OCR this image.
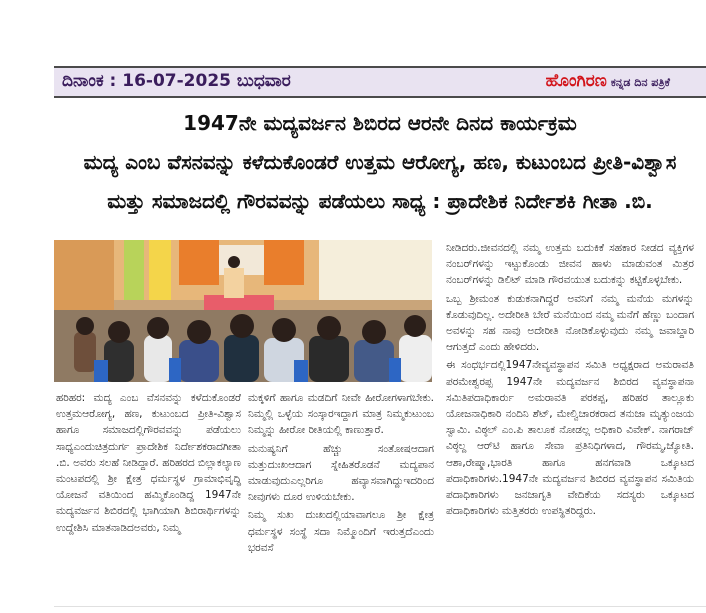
ದಿನಾಂಕ : 16-07-2025 ಬುಧವಾರ	ಹೊಂಗಿರಣ ಕನ್ನಡ ದಿನ ಪತ್ರಿಕೆ
1947ನೇ ಮದ್ಯವರ್ಜನ ಶಿಬಿರದ ಆರನೇ ದಿನದ ಕಾರ್ಯಕ್ರಮ
ಮದ್ಯ ಎಂಬ ವೆಸನವನ್ನು ಕಳೆದುಕೊಂಡರೆ ಉತ್ತಮ ಆರೋಗ್ಯ, ಹಣ, ಕುಟುಂಬದ ಪ್ರೀತಿ-ವಿಶ್ವಾಸ
ಮತ್ತು ಸಮಾಜದಲ್ಲಿ ಗೌರವವನ್ನು ಪಡೆಯಲು ಸಾಧ್ಯ : ಪ್ರಾದೇಶಿಕ ನಿರ್ದೇಶಕಿ ಗೀತಾ .ಬಿ.

ನೀಡಿದರು.ಜೀವನದಲ್ಲಿ ನಮ್ಮ ಉತ್ತಮ ಬದುಕಿಕೆ ಸಹಕಾರ ನೀಡದ ವ್ಯಕ್ತಿಗಳ ನಂಬರ್‌ಗಳನ್ನು ಇಟ್ಟುಕೊಂಡು ಜೀವನ ಹಾಳು ಮಾಡುವಂತ ಮಿತ್ರರ ನಂಬರ್‌ಗಳನ್ನು ಡಿಲಿಟ್ ಮಾಡಿ ಗೌರವಯುತ ಬದುಕನ್ನು ಕಟ್ಟಿಕೊಳ್ಳಬೇಕು.

ಒಬ್ಬ ಶ್ರೀಮಂತ ಕುಡುಕನಾಗಿದ್ದರೆ ಅವನಿಗೆ ನಮ್ಮ ಮನೆಯ ಮಗಳನ್ನು ಕೊಡುವುದಿಲ್ಲ. ಅದೇರೀತಿ ಬೇರೆ ಮನೆಯಿಂದ ನಮ್ಮ ಮನೆಗೆ ಹೆಣ್ಣು ಬಂದಾಗ ಅವಳನ್ನು ಸಹ ನಾವು ಅದೇರೀತಿ ನೋಡಿಕೊಳ್ಳುವುದು ನಮ್ಮ ಜವಾಬ್ದಾರಿ ಆಗುತ್ತದೆ ಎಂದು ಹೇಳಿದರು.

ಈ ಸಂಧರ್ಭದಲ್ಲಿ1947ನೇವ್ಯವಸ್ಥಾಪನ ಸಮಿತಿ ಅಧ್ಯಕ್ಷರಾದ ಅಮರಾವತಿ ಪರಮೇಶ್ವರಪ್ಪ 1947ನೇ ಮದ್ಯವರ್ಜನ ಶಿಬಿರದ ವ್ಯವಸ್ಥಾಪನಾ ಸಮಿತಿಪದಾಧಿಕಾರ್ರು ಅಮರಾವತಿ ಪರಕಪ್ಪ, ಹರಿಹರ ತಾಲ್ಲೂಕು ಯೋಜನಾಧಿಕಾರಿ ನಂದಿನಿ ಶೆಟ್, ಮೇಲ್ವಿಚಾರಕರಾದ ತನುಜಾ ಮೃತ್ಯುಂಜಯ ಸ್ವಾಮಿ. ವಿಠ್ಠಲ್ ಎಂ.ಪಿ ತಾಲೂಕ ನೋಡಲ್ಲ ಅಧಿಕಾರಿ ವಿವೇಕ್. ನಾಗರಾಜ್ ವಿಠ್ಠಲ್ದ ಆರ್‌ಟಿ ಹಾಗೂ ಸೇವಾ ಪ್ರತಿನಿಧಿಗಳಾದ, ಗೌರಮ್ಮ,ಜ್ಯೋತಿ. ಆಶಾ,ರೇಷ್ಮಾ,ಭಾರತಿ ಹಾಗೂ ಹನಗವಾಡಿ ಒಕ್ಕೂಟದ ಪದಾಧಿಕಾರಿಗಳು.1947ನೇ ಮದ್ಯವರ್ಜನ ಶಿಬಿರದ ವ್ಯವಸ್ಥಾಪನ ಸಮಿತಿಯ ಪದಾಧಿಕಾರಿಗಳು ಜನಜಾಗೃತಿ ವೇದಿಕೆಯ ಸದಸ್ಯರು ಒಕ್ಕೂಟದ ಪದಾಧಿಕಾರಿಗಳು ಮತ್ತಿತರರು ಉಪಸ್ಥಿತರಿದ್ದರು.

ಹರಿಹರ: ಮದ್ಯ ಎಂಬ ವೆಸನವನ್ನು ಕಳೆದುಕೊಂಡರೆ ಉತ್ತಮಆರೋಗ್ಯ, ಹಣ, ಕುಟುಂಬದ ಪ್ರೀತಿ-ವಿಶ್ವಾಸ ಹಾಗೂ ಸಮಾಜದಲ್ಲಿಗೌರವವನ್ನು ಪಡೆಯಲು ಸಾಧ್ಯಎಂದುಚಿತ್ರದುರ್ಗ ಪ್ರಾದೇಶಿಕ ನಿರ್ದೇಶಕರಾದಗೀತಾ .ಬಿ. ಅವರು ಸಲಹೆ ನೀಡಿದ್ದಾರೆ. ಹರಿಹರದ ಬಿಲ್ಲಾಕಲ್ಯಾಣ ಮಂಟಪದಲ್ಲಿ ಶ್ರೀ ಕ್ಷೇತ್ರ ಧರ್ಮಸ್ಥಳ ಗ್ರಾಮಾಭಿವೃದ್ಧಿ ಯೋಜನೆ ವತಿಯಿಂದ ಹಮ್ಮಿಕೊಂಡಿದ್ದ 1947ನೇ ಮದ್ಯವರ್ಜನ ಶಿಬಿರದಲ್ಲಿ ಭಾಗಿಯಾಗಿ ಶಿಬಿರಾರ್ಥಿಗಳನ್ನು ಉದ್ದೇಶಿಸಿ ಮಾತನಾಡಿದಅವರು, ನಿಮ್ಮ

ಮಕ್ಕಳಿಗೆ ಹಾಗೂ ಮಡದಿಗೆ ನೀವೇ ಹೀರೋಗಳಾಗಬೇಕು. ನಿಮ್ಮಲ್ಲಿ ಒಳ್ಳೆಯ ಸಂಸ್ಕಾರಇದ್ದಾಗ ಮಾತ್ರ ನಿಮ್ಮಕುಟುಂಬ ನಿಮ್ಮನ್ನು ಹೀರೋ ರೀತಿಯಲ್ಲಿ ಕಾಣುತ್ತಾರೆ.

ಮನುಷ್ಯನಿಗೆ ಹೆಚ್ಚು ಸಂತೋಷಆದಾಗ ಮತ್ತುದುಃಖಆದಾಗ ಸ್ನೇಹಿತರೊಡನೆ ಮದ್ಯಪಾನ ಮಾಡುವುದುಎಲ್ಲರಿಗೂ ಹವ್ಯಾಸವಾಗಿದ್ದುಇದರಿಂದ ನೀವುಗಳು ದೂರ ಉಳಿಯಬೇಕು.

ನಿಮ್ಮ ಸುಖ ದುಃಖದಲ್ಲಿಯಾವಾಗಲೂ ಶ್ರೀ ಕ್ಷೇತ್ರ ಧರ್ಮಸ್ಥಳ ಸಂಸ್ಥೆ ಸದಾ ನಿಮ್ಮೊಂದಿಗೆ ಇರುತ್ತದೆಎಂದು ಭರವಸೆ
